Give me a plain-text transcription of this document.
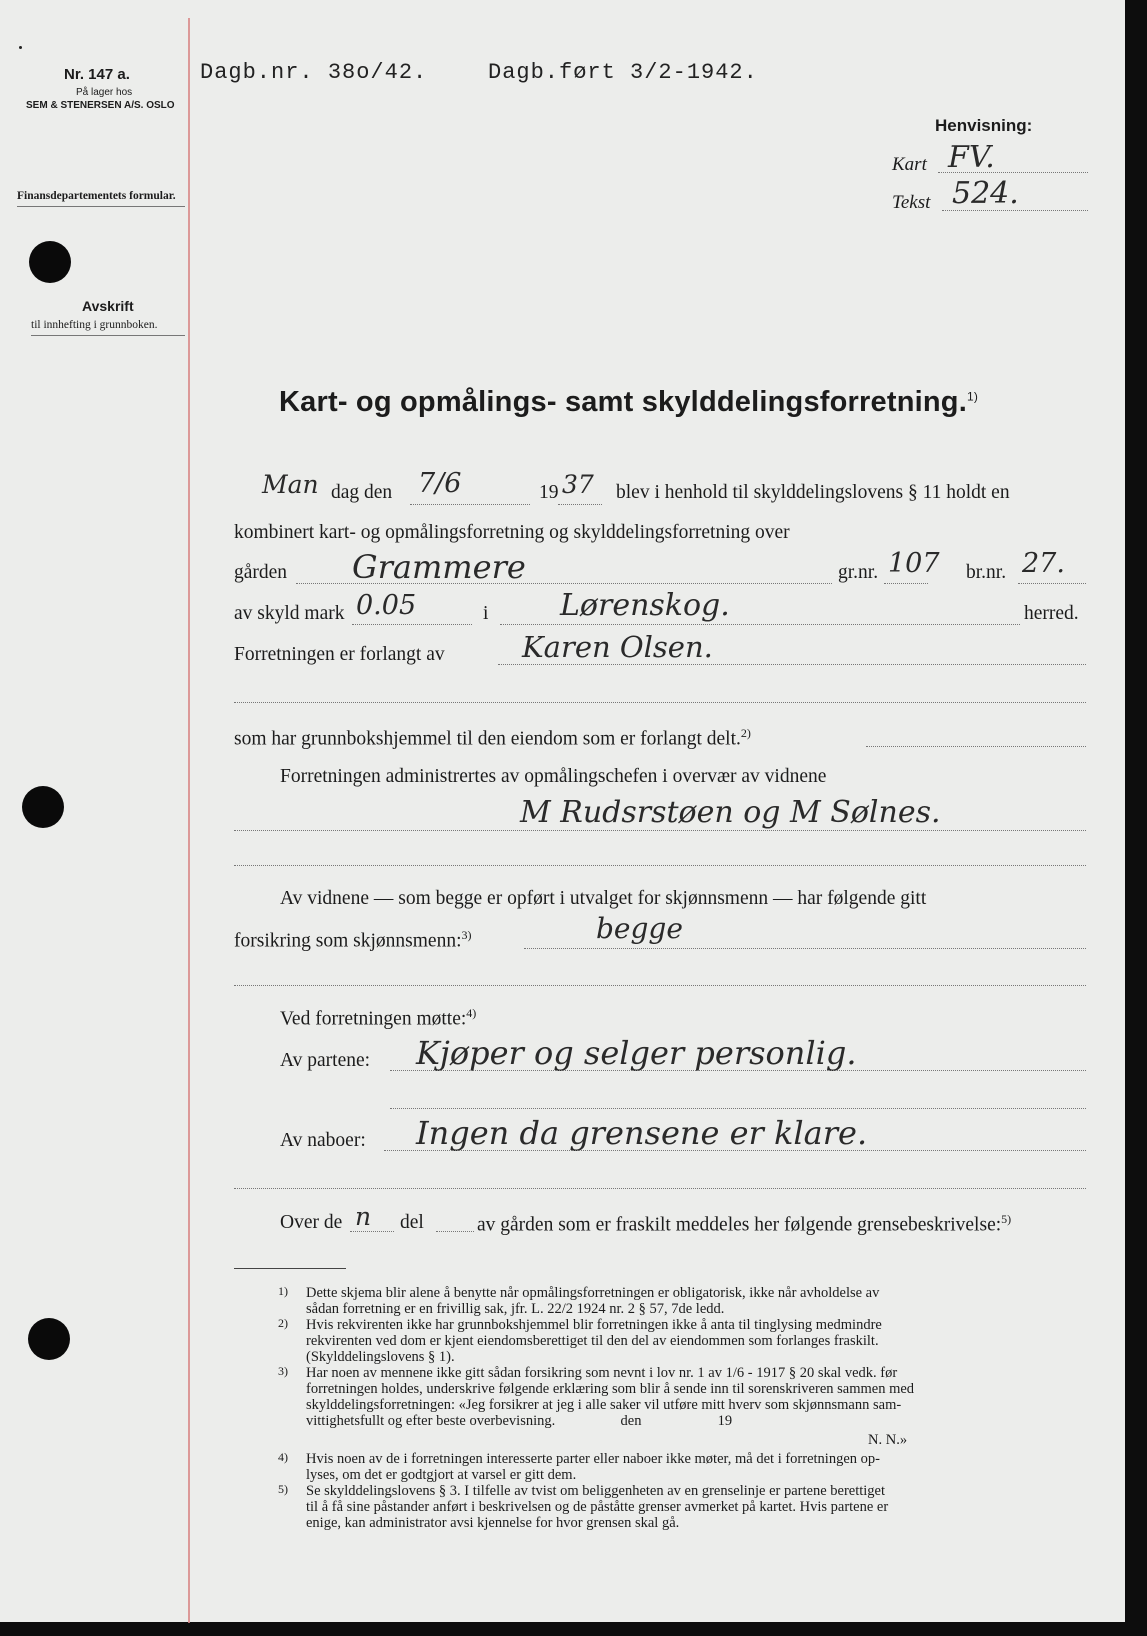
Nr. 147 a.
På lager hos
SEM & STENERSEN A/S. OSLO
Finansdepartementets formular.
Avskrift
til innhefting i grunnboken.
Dagb.nr. 38o/42.	Dagb.ført 3/2-1942.
Henvisning:
Kart FV.
Tekst 524.
Kart- og opmålings- samt skylddelingsforretning.$^{1)}$
Man dag den 7/6	19 37 blev i henhold til skylddelingslovens § 11 holdt en
kombinert kart- og opmålingsforretning og skylddelingsforretning over
gården Grammere	gr.nr. 107 br.nr. 27.
av skyld mark 0.05	i Lørenskog.	herred.
Forretningen er forlangt av	Karen Olsen.
som har grunnbokshjemmel til den eiendom som er forlangt delt.$^{2)}$
Forretningen administrertes av opmålingschefen i overvær av vidnene
M Rudsrstøen og M Sølnes.
Av vidnene — som begge er opført i utvalget for skjønnsmenn — har følgende gitt
forsikring som skjønnsmenn:$^{3)}$	begge
Ved forretningen møtte:$^{4)}$
Av partene: Kjøper og selger personlig.
Av naboer: Ingen da grensene er klare.
Over de n del	av gården som er fraskilt meddeles her følgende grensebeskrivelse:$^{5)}$
1) Dette skjema blir alene å benytte når opmålingsforretningen er obligatorisk, ikke når avholdelse av
sådan forretning er en frivillig sak, jfr. L. 22/2 1924 nr. 2 § 57, 7de ledd.
2) Hvis rekvirenten ikke har grunnbokshjemmel blir forretningen ikke å anta til tinglysing medmindre
rekvirenten ved dom er kjent eiendomsberettiget til den del av eiendommen som forlanges fraskilt.
(Skylddelingslovens § 1).
3) Har noen av mennene ikke gitt sådan forsikring som nevnt i lov nr. 1 av 1/6 - 1917 § 20 skal vedk. før
forretningen holdes, underskrive følgende erklæring som blir å sende inn til sorenskriveren sammen med
skylddelingsforretningen: «Jeg forsikrer at jeg i alle saker vil utføre mitt hverv som skjønnsmann sam-
vittighetsfullt og efter beste overbevisning.                  den                     19
N. N.»
4) Hvis noen av de i forretningen interesserte parter eller naboer ikke møter, må det i forretningen op-
lyses, om det er godtgjort at varsel er gitt dem.
5) Se skylddelingslovens § 3. I tilfelle av tvist om beliggenheten av en grenselinje er partene berettiget
til å få sine påstander anført i beskrivelsen og de påståtte grenser avmerket på kartet. Hvis partene er
enige, kan administrator avsi kjennelse for hvor grensen skal gå.
